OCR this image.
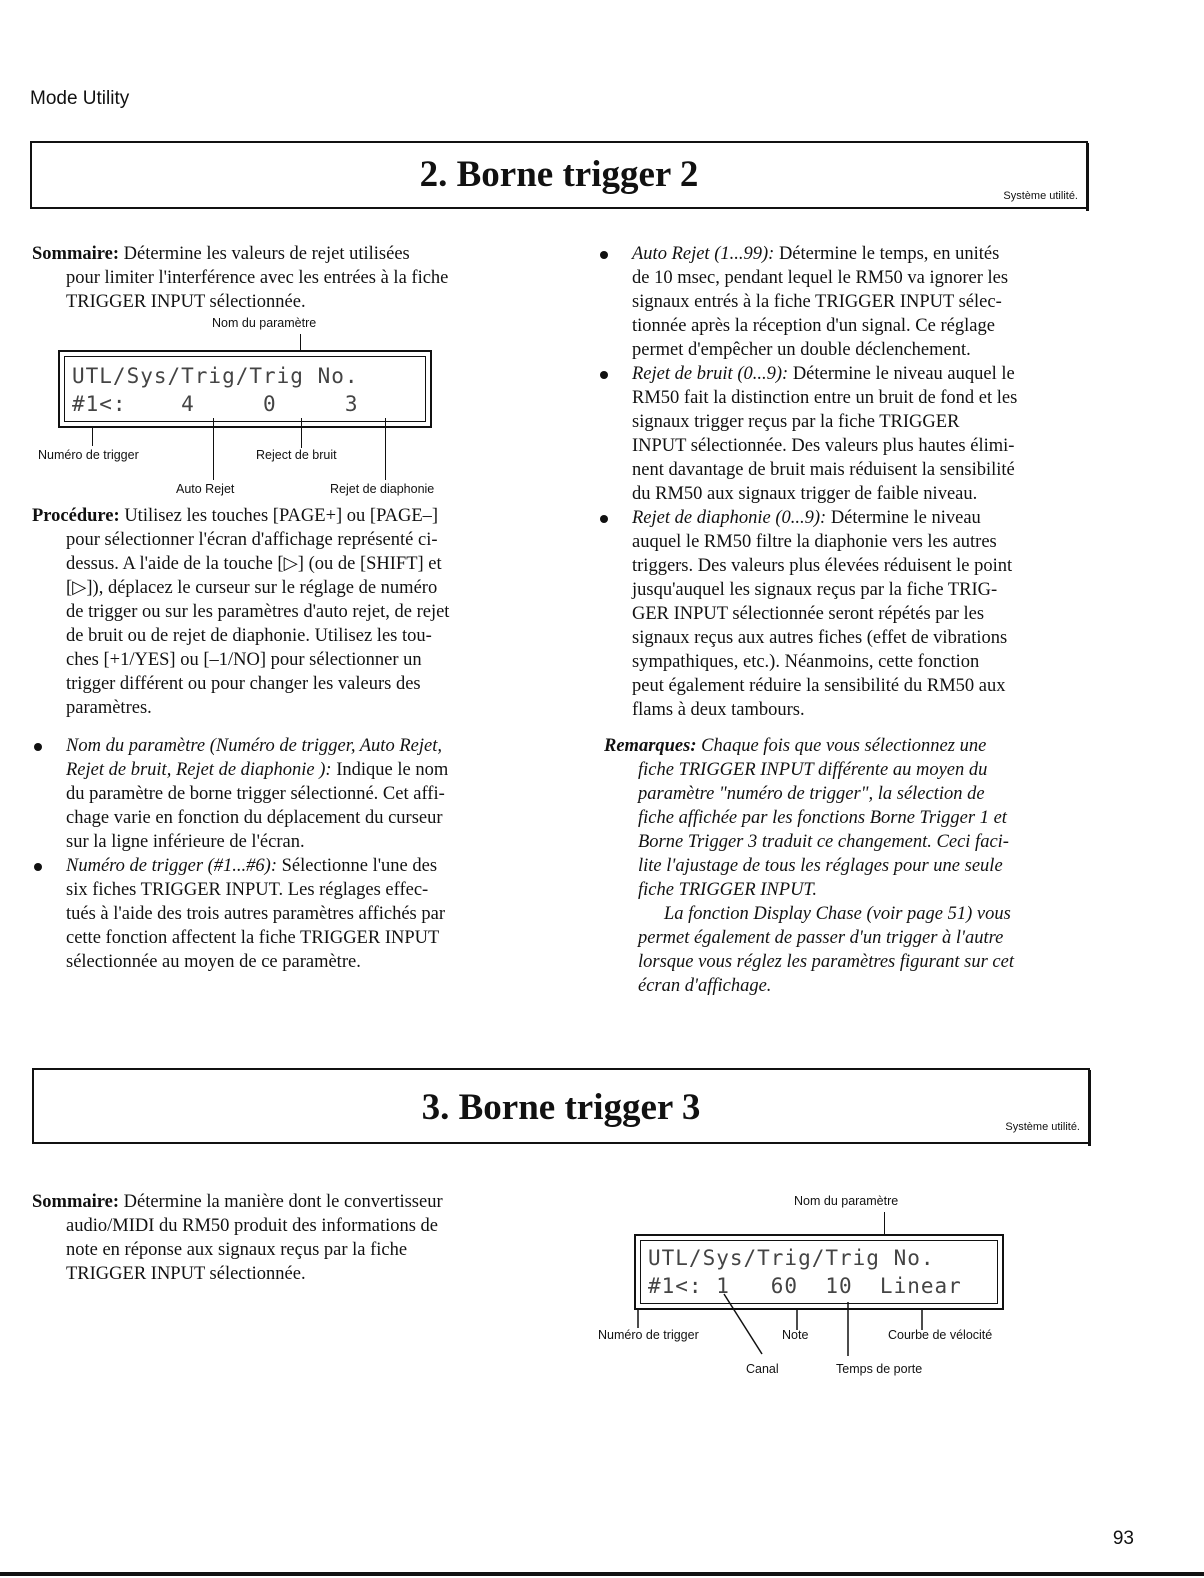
Mode Utility
2. Borne trigger 2
Système utilité.
Sommaire: Détermine les valeurs de rejet utilisées
pour limiter l'interférence avec les entrées à la fiche
TRIGGER INPUT sélectionnée.
Nom du paramètre
UTL/Sys/Trig/Trig No.
#1<:    4     0     3
Numéro de trigger	Reject de bruit
Auto Rejet	Rejet de diaphonie
Procédure: Utilisez les touches [PAGE+] ou [PAGE–]
pour sélectionner l'écran d'affichage représenté ci-
dessus. A l'aide de la touche [▷] (ou de [SHIFT] et
[▷]), déplacez le curseur sur le réglage de numéro
de trigger ou sur les paramètres d'auto rejet, de rejet
de bruit ou de rejet de diaphonie. Utilisez les tou-
ches [+1/YES] ou [–1/NO] pour sélectionner un
trigger différent ou pour changer les valeurs des
paramètres.
Nom du paramètre (Numéro de trigger, Auto Rejet,
Rejet de bruit, Rejet de diaphonie ): Indique le nom
du paramètre de borne trigger sélectionné. Cet affi-
chage varie en fonction du déplacement du curseur
sur la ligne inférieure de l'écran.
Numéro de trigger (#1...#6): Sélectionne l'une des
six fiches TRIGGER INPUT. Les réglages effec-
tués à l'aide des trois autres paramètres affichés par
cette fonction affectent la fiche TRIGGER INPUT
sélectionnée au moyen de ce paramètre.
Auto Rejet (1...99): Détermine le temps, en unités
de 10 msec, pendant lequel le RM50 va ignorer les
signaux entrés à la fiche TRIGGER INPUT sélec-
tionnée après la réception d'un signal. Ce réglage
permet d'empêcher un double déclenchement.
Rejet de bruit (0...9): Détermine le niveau auquel le
RM50 fait la distinction entre un bruit de fond et les
signaux trigger reçus par la fiche TRIGGER
INPUT sélectionnée. Des valeurs plus hautes élimi-
nent davantage de bruit mais réduisent la sensibilité
du RM50 aux signaux trigger de faible niveau.
Rejet de diaphonie (0...9): Détermine le niveau
auquel le RM50 filtre la diaphonie vers les autres
triggers. Des valeurs plus élevées réduisent le point
jusqu'auquel les signaux reçus par la fiche TRIG-
GER INPUT sélectionnée seront répétés par les
signaux reçus aux autres fiches (effet de vibrations
sympathiques, etc.). Néanmoins, cette fonction
peut également réduire la sensibilité du RM50 aux
flams à deux tambours.
Remarques: Chaque fois que vous sélectionnez une
fiche TRIGGER INPUT différente au moyen du
paramètre "numéro de trigger", la sélection de
fiche affichée par les fonctions Borne Trigger 1 et
Borne Trigger 3 traduit ce changement. Ceci faci-
lite l'ajustage de tous les réglages pour une seule
fiche TRIGGER INPUT.
La fonction Display Chase (voir page 51) vous
permet également de passer d'un trigger à l'autre
lorsque vous réglez les paramètres figurant sur cet
écran d'affichage.
3. Borne trigger 3	Système utilité.
Sommaire: Détermine la manière dont le convertisseur
audio/MIDI du RM50 produit des informations de
note en réponse aux signaux reçus par la fiche
TRIGGER INPUT sélectionnée.
Nom du paramètre
UTL/Sys/Trig/Trig No.
#1<: 1   60  10  Linear
Numéro de trigger	Note	Courbe de vélocité
Canal	Temps de porte
93
